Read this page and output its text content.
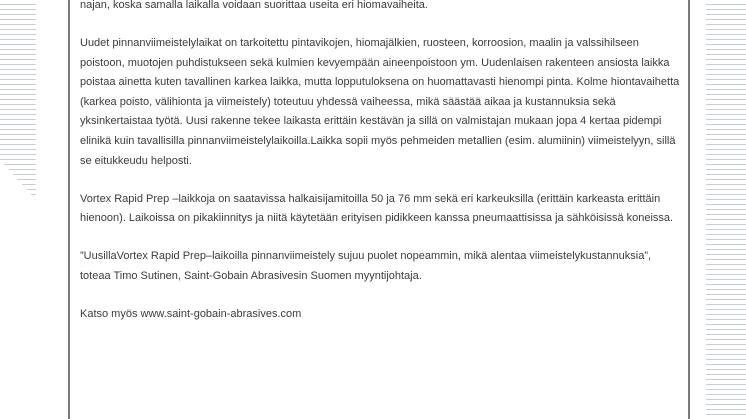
najan, koska samalla laikalla voidaan suorittaa useita eri hiomavaiheita.

Uudet pinnanviimeistelylaikat on tarkoitettu pintavikojen, hiomajälkien, ruosteen, korroosion, maalin ja valssihilseen poistoon, muotojen puhdistukseen sekä kulmien kevyempään aineenpoistoon ym. Uudenlaisen rakenteen ansiosta laikka poistaa ainetta kuten tavallinen karkea laikka, mutta lopputuloksena on huomattavasti hienompi pinta. Kolme hiontavaihetta (karkea poisto, välihionta ja viimeistely) toteutuu yhdessä vaiheessa, mikä säästää aikaa ja kustannuksia sekä yksinkertaistaa työtä. Uusi rakenne tekee laikasta erittäin kestävän ja sillä on valmistajan mukaan jopa 4 kertaa pidempi elinikä kuin tavallisilla pinnanviimeistelylaikoilla.Laikka sopii myös pehmeiden metallien (esim. alumiinin) viimeistelyyn, sillä se eitukkeudu helposti.

Vortex Rapid Prep –laikkoja on saatavissa halkaisijamitoilla 50 ja 76 mm sekä eri karkeuksilla (erittäin karkeasta erittäin hienoon). Laikoissa on pikakiinnitys ja niitä käytetään erityisen pidikkeen kanssa pneumaattisissa ja sähköisissä koneissa.

”UusillaVortex Rapid Prep–laikoilla pinnanviimeistely sujuu puolet nopeammin, mikä alentaa viimeistelykustannuksia”, toteaa Timo Sutinen, Saint-Gobain Abrasivesin Suomen myyntijohtaja.

Katso myös www.saint-gobain-abrasives.com
